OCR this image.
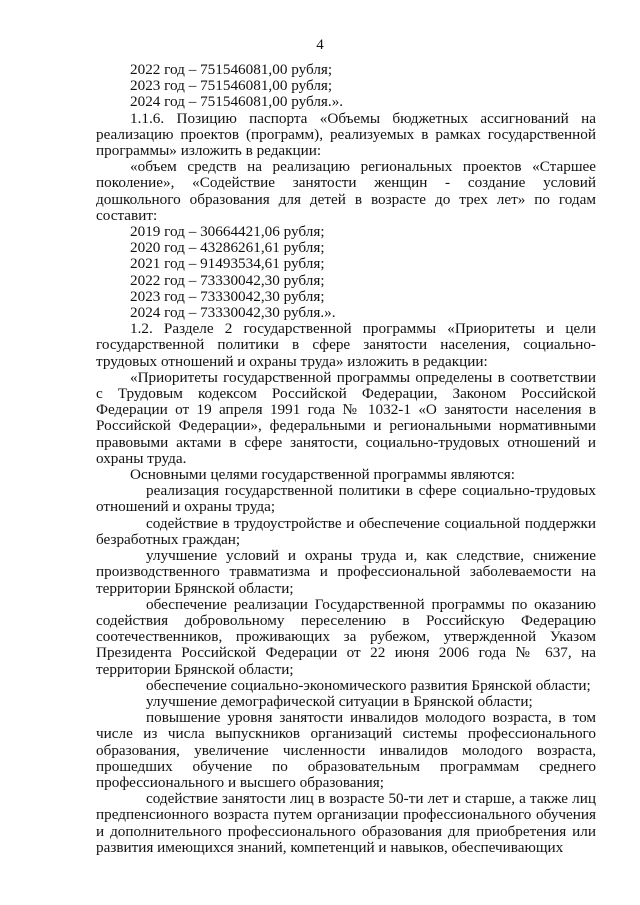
4

2022 год – 751546081,00 рубля;

2023 год – 751546081,00 рубля;

2024 год – 751546081,00 рубля.».

1.1.6. Позицию паспорта «Объемы бюджетных ассигнований на реализацию проектов (программ), реализуемых в рамках государственной программы» изложить в редакции:

«объем средств на реализацию региональных проектов «Старшее поколение», «Содействие занятости женщин - создание условий дошкольного образования для детей в возрасте до трех лет» по годам составит:

2019 год – 30664421,06 рубля;

2020 год – 43286261,61 рубля;

2021 год – 91493534,61 рубля;

2022 год – 73330042,30 рубля;

2023 год – 73330042,30 рубля;

2024 год – 73330042,30 рубля.».

1.2. Разделе 2 государственной программы «Приоритеты и цели государственной политики в сфере занятости населения, социально-трудовых отношений и охраны труда» изложить в редакции:

«Приоритеты государственной программы определены в соответствии с Трудовым кодексом Российской Федерации, Законом Российской Федерации от 19 апреля 1991 года № 1032-1 «О занятости населения в Российской Федерации», федеральными и региональными нормативными правовыми актами в сфере занятости, социально-трудовых отношений и охраны труда.

Основными целями государственной программы являются:

реализация государственной политики в сфере социально-трудовых отношений и охраны труда;

содействие в трудоустройстве и обеспечение социальной поддержки безработных граждан;

улучшение условий и охраны труда и, как следствие, снижение производственного травматизма и профессиональной заболеваемости на территории Брянской области;

обеспечение реализации Государственной программы по оказанию содействия добровольному переселению в Российскую Федерацию соотечественников, проживающих за рубежом, утвержденной Указом Президента Российской Федерации от 22 июня 2006 года № 637, на территории Брянской области;

обеспечение социально-экономического развития Брянской области;

улучшение демографической ситуации в Брянской области;

повышение уровня занятости инвалидов молодого возраста, в том числе из числа выпускников организаций системы профессионального образования, увеличение численности инвалидов молодого возраста, прошедших обучение по образовательным программам среднего профессионального и высшего образования;

содействие занятости лиц в возрасте 50-ти лет и старше, а также лиц предпенсионного возраста путем организации профессионального обучения и дополнительного профессионального образования для приобретения или развития имеющихся знаний, компетенций и навыков, обеспечивающих
